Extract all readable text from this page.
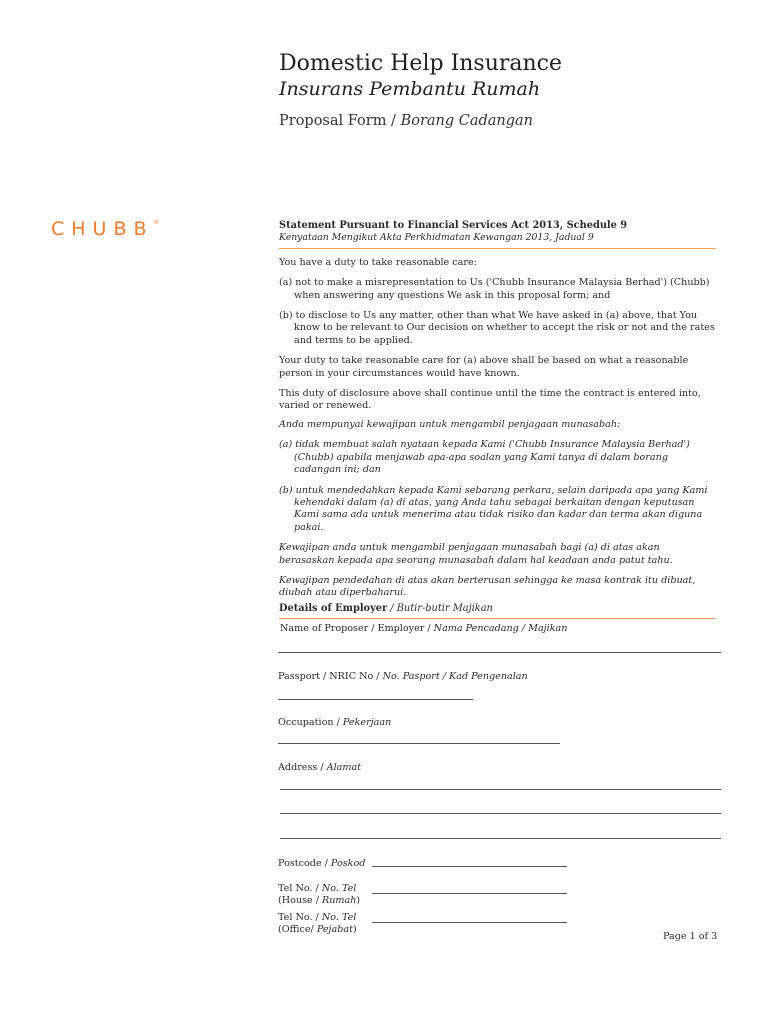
Domestic Help Insurance
Insurans Pembantu Rumah
Proposal Form / Borang Cadangan
CHUBB®	Statement Pursuant to Financial Services Act 2013, Schedule 9

Kenyataan Mengikut Akta Perkhidmatan Kewangan 2013, Jadual 9

You have a duty to take reasonable care:

(a) not to make a misrepresentation to Us ('Chubb Insurance Malaysia Berhad') (Chubb) when answering any questions We ask in this proposal form; and

(b) to disclose to Us any matter, other than what We have asked in (a) above, that You know to be relevant to Our decision on whether to accept the risk or not and the rates and terms to be applied.

Your duty to take reasonable care for (a) above shall be based on what a reasonable person in your circumstances would have known.

This duty of disclosure above shall continue until the time the contract is entered into, varied or renewed.

Anda mempunyai kewajipan untuk mengambil penjagaan munasabah:

(a) tidak membuat salah nyataan kepada Kami ('Chubb Insurance Malaysia Berhad') (Chubb) apabila menjawab apa-apa soalan yang Kami tanya di dalam borang cadangan ini; dan

(b) untuk mendedahkan kepada Kami sebarang perkara, selain daripada apa yang Kami kehendaki dalam (a) di atas, yang Anda tahu sebagai berkaitan dengan keputusan Kami sama ada untuk menerima atau tidak risiko dan kadar dan terma akan diguna pakai.

Kewajipan anda untuk mengambil penjagaan munasabah bagi (a) di atas akan berasaskan kepada apa seorang munasabah dalam hal keadaan anda patut tahu.

Kewajipan pendedahan di atas akan berterusan sehingga ke masa kontrak itu dibuat, diubah atau diperbaharui.

Details of Employer / Butir-butir Majikan

Name of Proposer / Employer / Nama Pencadang / Majikan
Passport / NRIC No / No. Pasport / Kad Pengenalan
Occupation / Pekerjaan
Address / Alamat
Postcode / Poskod
Tel No. / No. Tel
(House / Rumah)
Tel No. / No. Tel
(Office/ Pejabat)
Page 1 of 3
